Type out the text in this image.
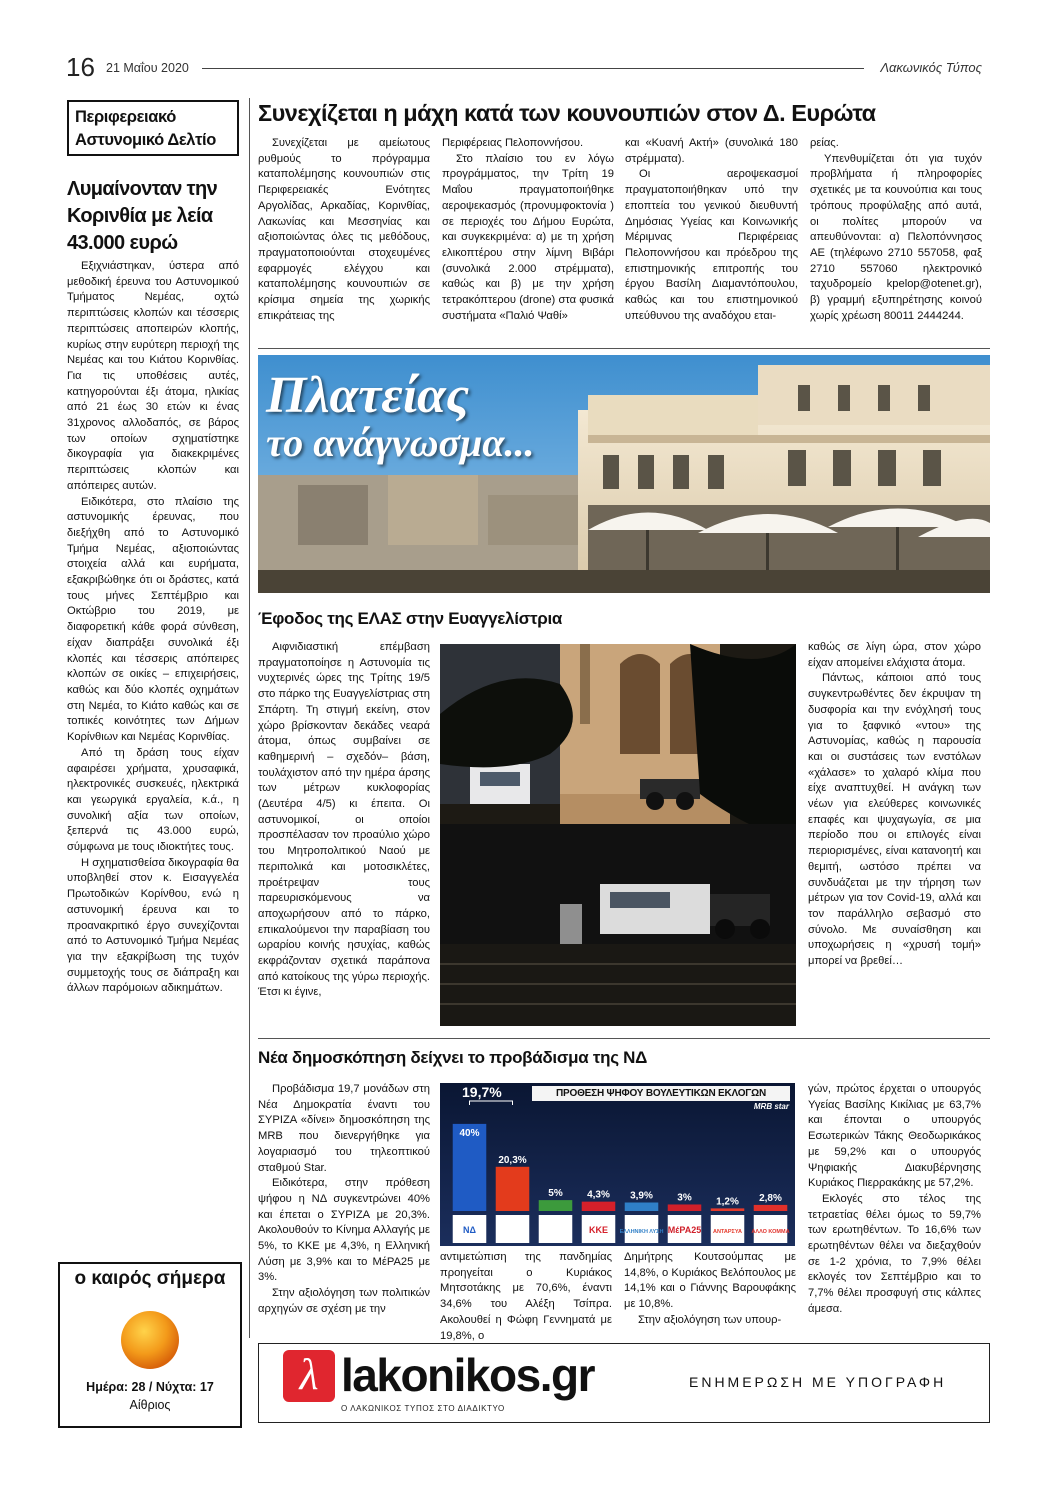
16 21 Μαΐου 2020	Λακωνικός Τύπος
Περιφερειακό Αστυνομικό Δελτίο
Λυμαίνονταν την Κορινθία με λεία 43.000 ευρώ

Εξιχνιάστηκαν, ύστερα από μεθοδική έρευνα του Αστυνομικού Τμήματος Νεμέας, οχτώ περιπτώσεις κλοπών και τέσσερις περιπτώσεις αποπειρών κλοπής, κυρίως στην ευρύτερη περιοχή της Νεμέας και του Κιάτου Κορινθίας. Για τις υποθέσεις αυτές, κατηγορούνται έξι άτομα, ηλικίας από 21 έως 30 ετών κι ένας 31χρονος αλλοδαπός, σε βάρος των οποίων σχηματίστηκε δικογραφία για διακεκριμένες περιπτώσεις κλοπών και απόπειρες αυτών.

Ειδικότερα, στο πλαίσιο της αστυνομικής έρευνας, που διεξήχθη από το Αστυνομικό Τμήμα Νεμέας, αξιοποιώντας στοιχεία αλλά και ευρήματα, εξακριβώθηκε ότι οι δράστες, κατά τους μήνες Σεπτέμβριο και Οκτώβριο του 2019, με διαφορετική κάθε φορά σύνθεση, είχαν διαπράξει συνολικά έξι κλοπές και τέσσερις απόπειρες κλοπών σε οικίες – επιχειρήσεις, καθώς και δύο κλοπές οχημάτων στη Νεμέα, το Κιάτο καθώς και σε τοπικές κοινότητες των Δήμων Κορίνθιων και Νεμέας Κορινθίας.

Από τη δράση τους είχαν αφαιρέσει χρήματα, χρυσαφικά, ηλεκτρονικές συσκευές, ηλεκτρικά και γεωργικά εργαλεία, κ.ά., η συνολική αξία των οποίων, ξεπερνά τις 43.000 ευρώ, σύμφωνα με τους ιδιοκτήτες τους.

Η σχηματισθείσα δικογραφία θα υποβληθεί στον κ. Εισαγγελέα Πρωτοδικών Κορίνθου, ενώ η αστυνομική έρευνα και το προανακριτικό έργο συνεχίζονται από το Αστυνομικό Τμήμα Νεμέας για την εξακρίβωση της τυχόν συμμετοχής τους σε διάπραξη και άλλων παρόμοιων αδικημάτων.

ο καιρός σήμερα
Ημέρα: 28 / Νύχτα: 17
Αίθριος
Συνεχίζεται η μάχη κατά των κουνουπιών στον Δ. Ευρώτα

Συνεχίζεται με αμείωτους ρυθμούς το πρόγραμμα καταπολέμησης κουνουπιών στις Περιφερειακές Ενότητες Αργολίδας, Αρκαδίας, Κορινθίας, Λακωνίας και Μεσσηνίας και αξιοποιώντας όλες τις μεθόδους, πραγματοποιούνται στοχευμένες εφαρμογές ελέγχου και καταπολέμησης κουνουπιών σε κρίσιμα σημεία της χωρικής επικράτειας της

Περιφέρειας Πελοποννήσου.

Στο πλαίσιο του εν λόγω προγράμματος, την Τρίτη 19 Μαΐου πραγματοποιήθηκε αεροψεκασμός (προνυμφοκτονία ) σε περιοχές του Δήμου Ευρώτα, και συγκεκριμένα: α) με τη χρήση ελικοπτέρου στην λίμνη Βιβάρι (συνολικά 2.000 στρέμματα), καθώς και β) με την χρήση τετρακόπτερου (drone) στα φυσικά συστήματα «Παλιό Ψαθί»

και «Κυανή Ακτή» (συνολικά 180 στρέμματα).

Οι αεροψεκασμοί πραγματοποιήθηκαν υπό την εποπτεία του γενικού διευθυντή Δημόσιας Υγείας και Κοινωνικής Μέριμνας Περιφέρειας Πελοποννήσου και πρόεδρου της επιστημονικής επιτροπής του έργου Βασίλη Διαμαντόπουλου, καθώς και του επιστημονικού υπεύθυνου της αναδόχου εται-

ρείας.

Υπενθυμίζεται ότι για τυχόν προβλήματα ή πληροφορίες σχετικές με τα κουνούπια και τους τρόπους προφύλαξης από αυτά, οι πολίτες μπορούν να απευθύνονται: α) Πελοπόννησος ΑΕ (τηλέφωνο 2710 557058, φαξ 2710 557060 ηλεκτρονικό ταχυδρομείο kpelop@otenet.gr), β) γραμμή εξυπηρέτησης κοινού χωρίς χρέωση 80011 2444244.

Πλατείας
το ανάγνωσμα...
Έφοδος της ΕΛΑΣ στην Ευαγγελίστρια

Αιφνιδιαστική επέμβαση πραγματοποίησε η Αστυνομία τις νυχτερινές ώρες της Τρίτης 19/5 στο πάρκο της Ευαγγελίστριας στη Σπάρτη. Τη στιγμή εκείνη, στον χώρο βρίσκονταν δεκάδες νεαρά άτομα, όπως συμβαίνει σε καθημερινή – σχεδόν– βάση, τουλάχιστον από την ημέρα άρσης των μέτρων κυκλοφορίας (Δευτέρα 4/5) κι έπειτα. Οι αστυνομικοί, οι οποίοι προσπέλασαν τον προαύλιο χώρο του Μητροπολιτικού Ναού με περιπολικά και μοτοσικλέτες, προέτρεψαν τους παρευρισκόμενους να αποχωρήσουν από το πάρκο, επικαλούμενοι την παραβίαση του ωραρίου κοινής ησυχίας, καθώς εκφράζονταν σχετικά παράπονα από κατοίκους της γύρω περιοχής. Έτσι κι έγινε,

καθώς σε λίγη ώρα, στον χώρο είχαν απομείνει ελάχιστα άτομα.

Πάντως, κάποιοι από τους συγκεντρωθέντες δεν έκρυψαν τη δυσφορία και την ενόχλησή τους για το ξαφνικό «ντου» της Αστυνομίας, καθώς η παρουσία και οι συστάσεις των ενστόλων «χάλασε» το χαλαρό κλίμα που είχε αναπτυχθεί. Η ανάγκη των νέων για ελεύθερες κοινωνικές επαφές και ψυχαγωγία, σε μια περίοδο που οι επιλογές είναι περιορισμένες, είναι κατανοητή και θεμιτή, ωστόσο πρέπει να συνδυάζεται με την τήρηση των μέτρων για τον Covid-19, αλλά και τον παράλληλο σεβασμό στο σύνολο. Με συναίσθηση και υποχωρήσεις η «χρυσή τομή» μπορεί να βρεθεί…

Νέα δημοσκόπηση δείχνει το προβάδισμα της ΝΔ

Προβάδισμα 19,7 μονάδων στη Νέα Δημοκρατία έναντι του ΣΥΡΙΖΑ «δίνει» δημοσκόπηση της MRB που διενεργήθηκε για λογαριασμό του τηλεοπτικού σταθμού Star.

Ειδικότερα, στην πρόθεση ψήφου η ΝΔ συγκεντρώνει 40% και έπεται ο ΣΥΡΙΖΑ με 20,3%. Ακολουθούν το Κίνημα Αλλαγής με 5%, το ΚΚΕ με 4,3%, η Ελληνική Λύση με 3,9% και το ΜέΡΑ25 με 3%.

Στην αξιολόγηση των πολιτικών αρχηγών σε σχέση με την

40%
ΝΔ
20,3%
5% 4,3%
ΚΚΕ
3,9%
ΕΛΛΗΝΙΚΗ ΛΥΣΗ
3%
ΜέΡΑ25
1,2%
ΑΝΤΑΡΣΥΑ
2,8%
ΑΛΛΟ ΚΟΜΜΑ
ΠΡΟΘΕΣΗ ΨΗΦΟΥ ΒΟΥΛΕΥΤΙΚΩΝ ΕΚΛΟΓΩΝ
MRB star
19,7%

αντιμετώπιση της πανδημίας προηγείται ο Κυριάκος Μητσοτάκης με 70,6%, έναντι 34,6% του Αλέξη Τσίπρα. Ακολουθεί η Φώφη Γεννηματά με 19,8%, ο

Δημήτρης Κουτσούμπας με 14,8%, ο Κυριάκος Βελόπουλος με 14,1% και ο Γιάννης Βαρουφάκης με 10,8%.

Στην αξιολόγηση των υπουρ-

γών, πρώτος έρχεται ο υπουργός Υγείας Βασίλης Κικίλιας με 63,7% και έπονται ο υπουργός Εσωτερικών Τάκης Θεοδωρικάκος με 59,2% και ο υπουργός Ψηφιακής Διακυβέρνησης Κυριάκος Πιερρακάκης με 57,2%.

Εκλογές στο τέλος της τετραετίας θέλει όμως το 59,7% των ερωτηθέντων. Το 16,6% των ερωτηθέντων θέλει να διεξαχθούν σε 1-2 χρόνια, το 7,9% θέλει εκλογές τον Σεπτέμβριο και το 7,7% θέλει προσφυγή στις κάλπες άμεσα.

λ lakonikos.gr
Ο ΛΑΚΩΝΙΚΟΣ ΤΥΠΟΣ ΣΤΟ ΔΙΑΔΙΚΤΥΟ
ΕΝΗΜΕΡΩΣΗ ΜΕ ΥΠΟΓΡΑΦΗ
